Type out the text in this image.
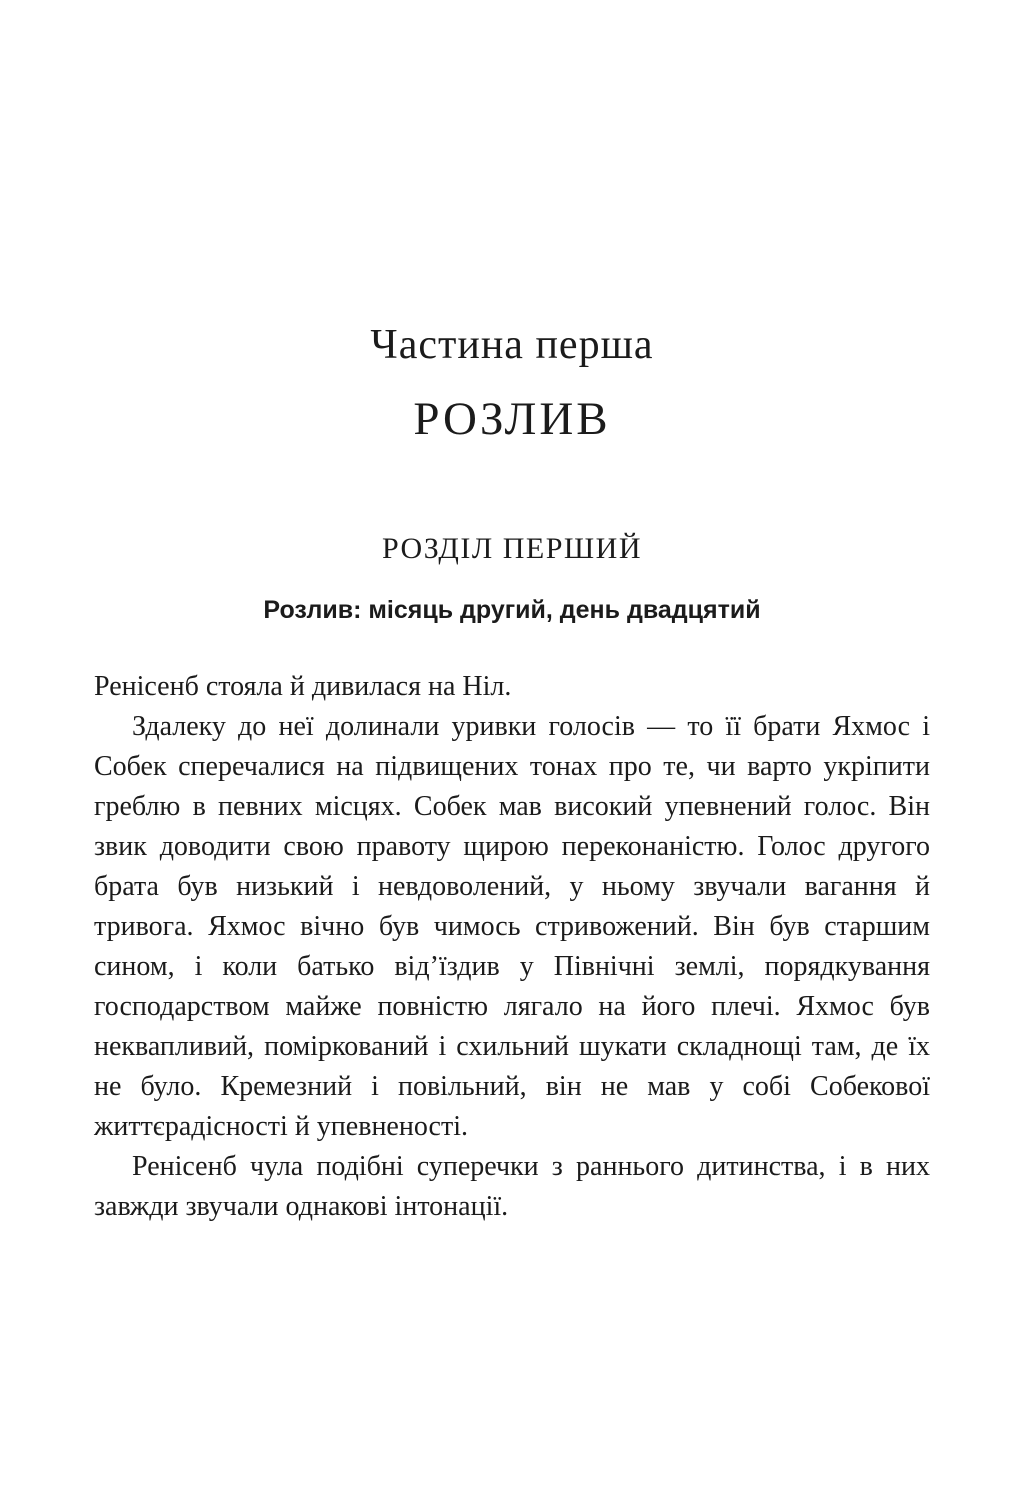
Частина перша
РОЗЛИВ
РОЗДІЛ ПЕРШИЙ
Розлив: місяць другий, день двадцятий

Ренісенб стояла й дивилася на Ніл.

Здалеку до неї долинали уривки голосів — то її брати Яхмос і Собек сперечалися на підвищених тонах про те, чи варто укріпити греблю в певних місцях. Собек мав високий упевнений голос. Він звик доводити свою правоту щирою переконаністю. Голос другого брата був низький і невдоволений, у ньому звучали вагання й тривога. Яхмос вічно був чимось стривожений. Він був старшим сином, і коли батько від’їздив у Північні землі, порядкування господарством майже повністю лягало на його плечі. Яхмос був неквапливий, поміркований і схильний шукати складнощі там, де їх не було. Кремезний і повільний, він не мав у собі Собекової життєрадісності й упевненості.

Ренісенб чула подібні суперечки з раннього дитинства, і в них завжди звучали однакові інтонації.
